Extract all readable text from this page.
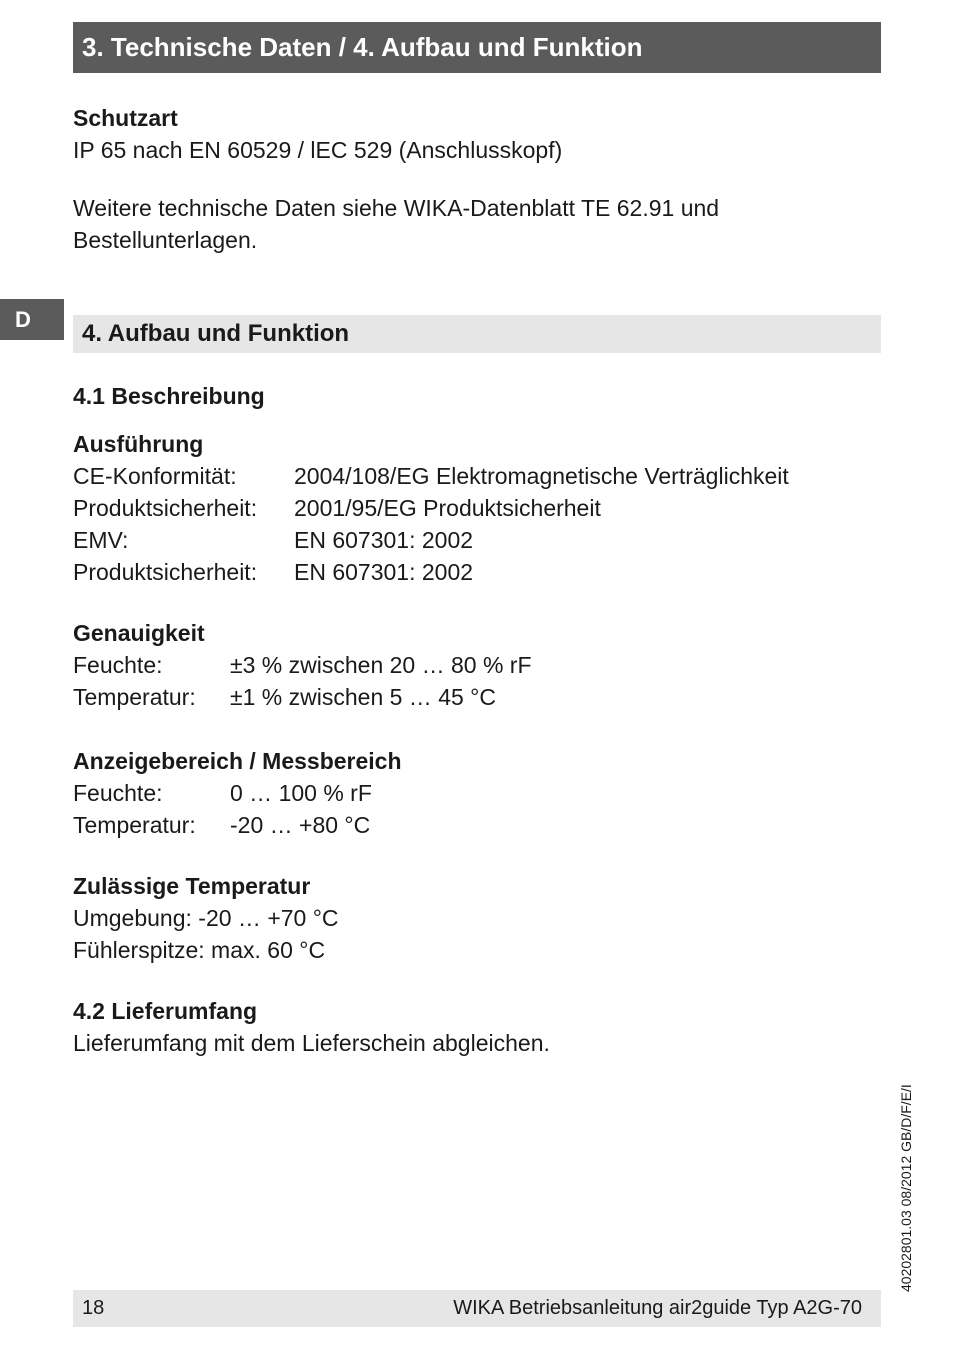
3. Technische Daten / 4. Aufbau und Funktion
Schutzart
IP 65 nach EN 60529 / lEC 529 (Anschlusskopf)
Weitere technische Daten siehe WIKA-Datenblatt TE 62.91 und
Bestellunterlagen.
D
4. Aufbau und Funktion
4.1 Beschreibung
Ausführung
CE-Konformität:	2004/108/EG Elektromagnetische Verträglichkeit
Produktsicherheit:	2001/95/EG Produktsicherheit
EMV:	EN 607301: 2002
Produktsicherheit:	EN 607301: 2002
Genauigkeit
Feuchte:	±3 % zwischen 20 … 80 % rF
Temperatur:	±1 % zwischen 5 … 45 °C
Anzeigebereich / Messbereich
Feuchte:	0 … 100 % rF
Temperatur:	-20 … +80 °C
Zulässige Temperatur
Umgebung: -20 … +70 °C
Fühlerspitze: max. 60 °C
4.2 Lieferumfang
Lieferumfang mit dem Lieferschein abgleichen.
40202801.03 08/2012 GB/D/F/E/I
18	WIKA Betriebsanleitung air2guide Typ A2G-70
